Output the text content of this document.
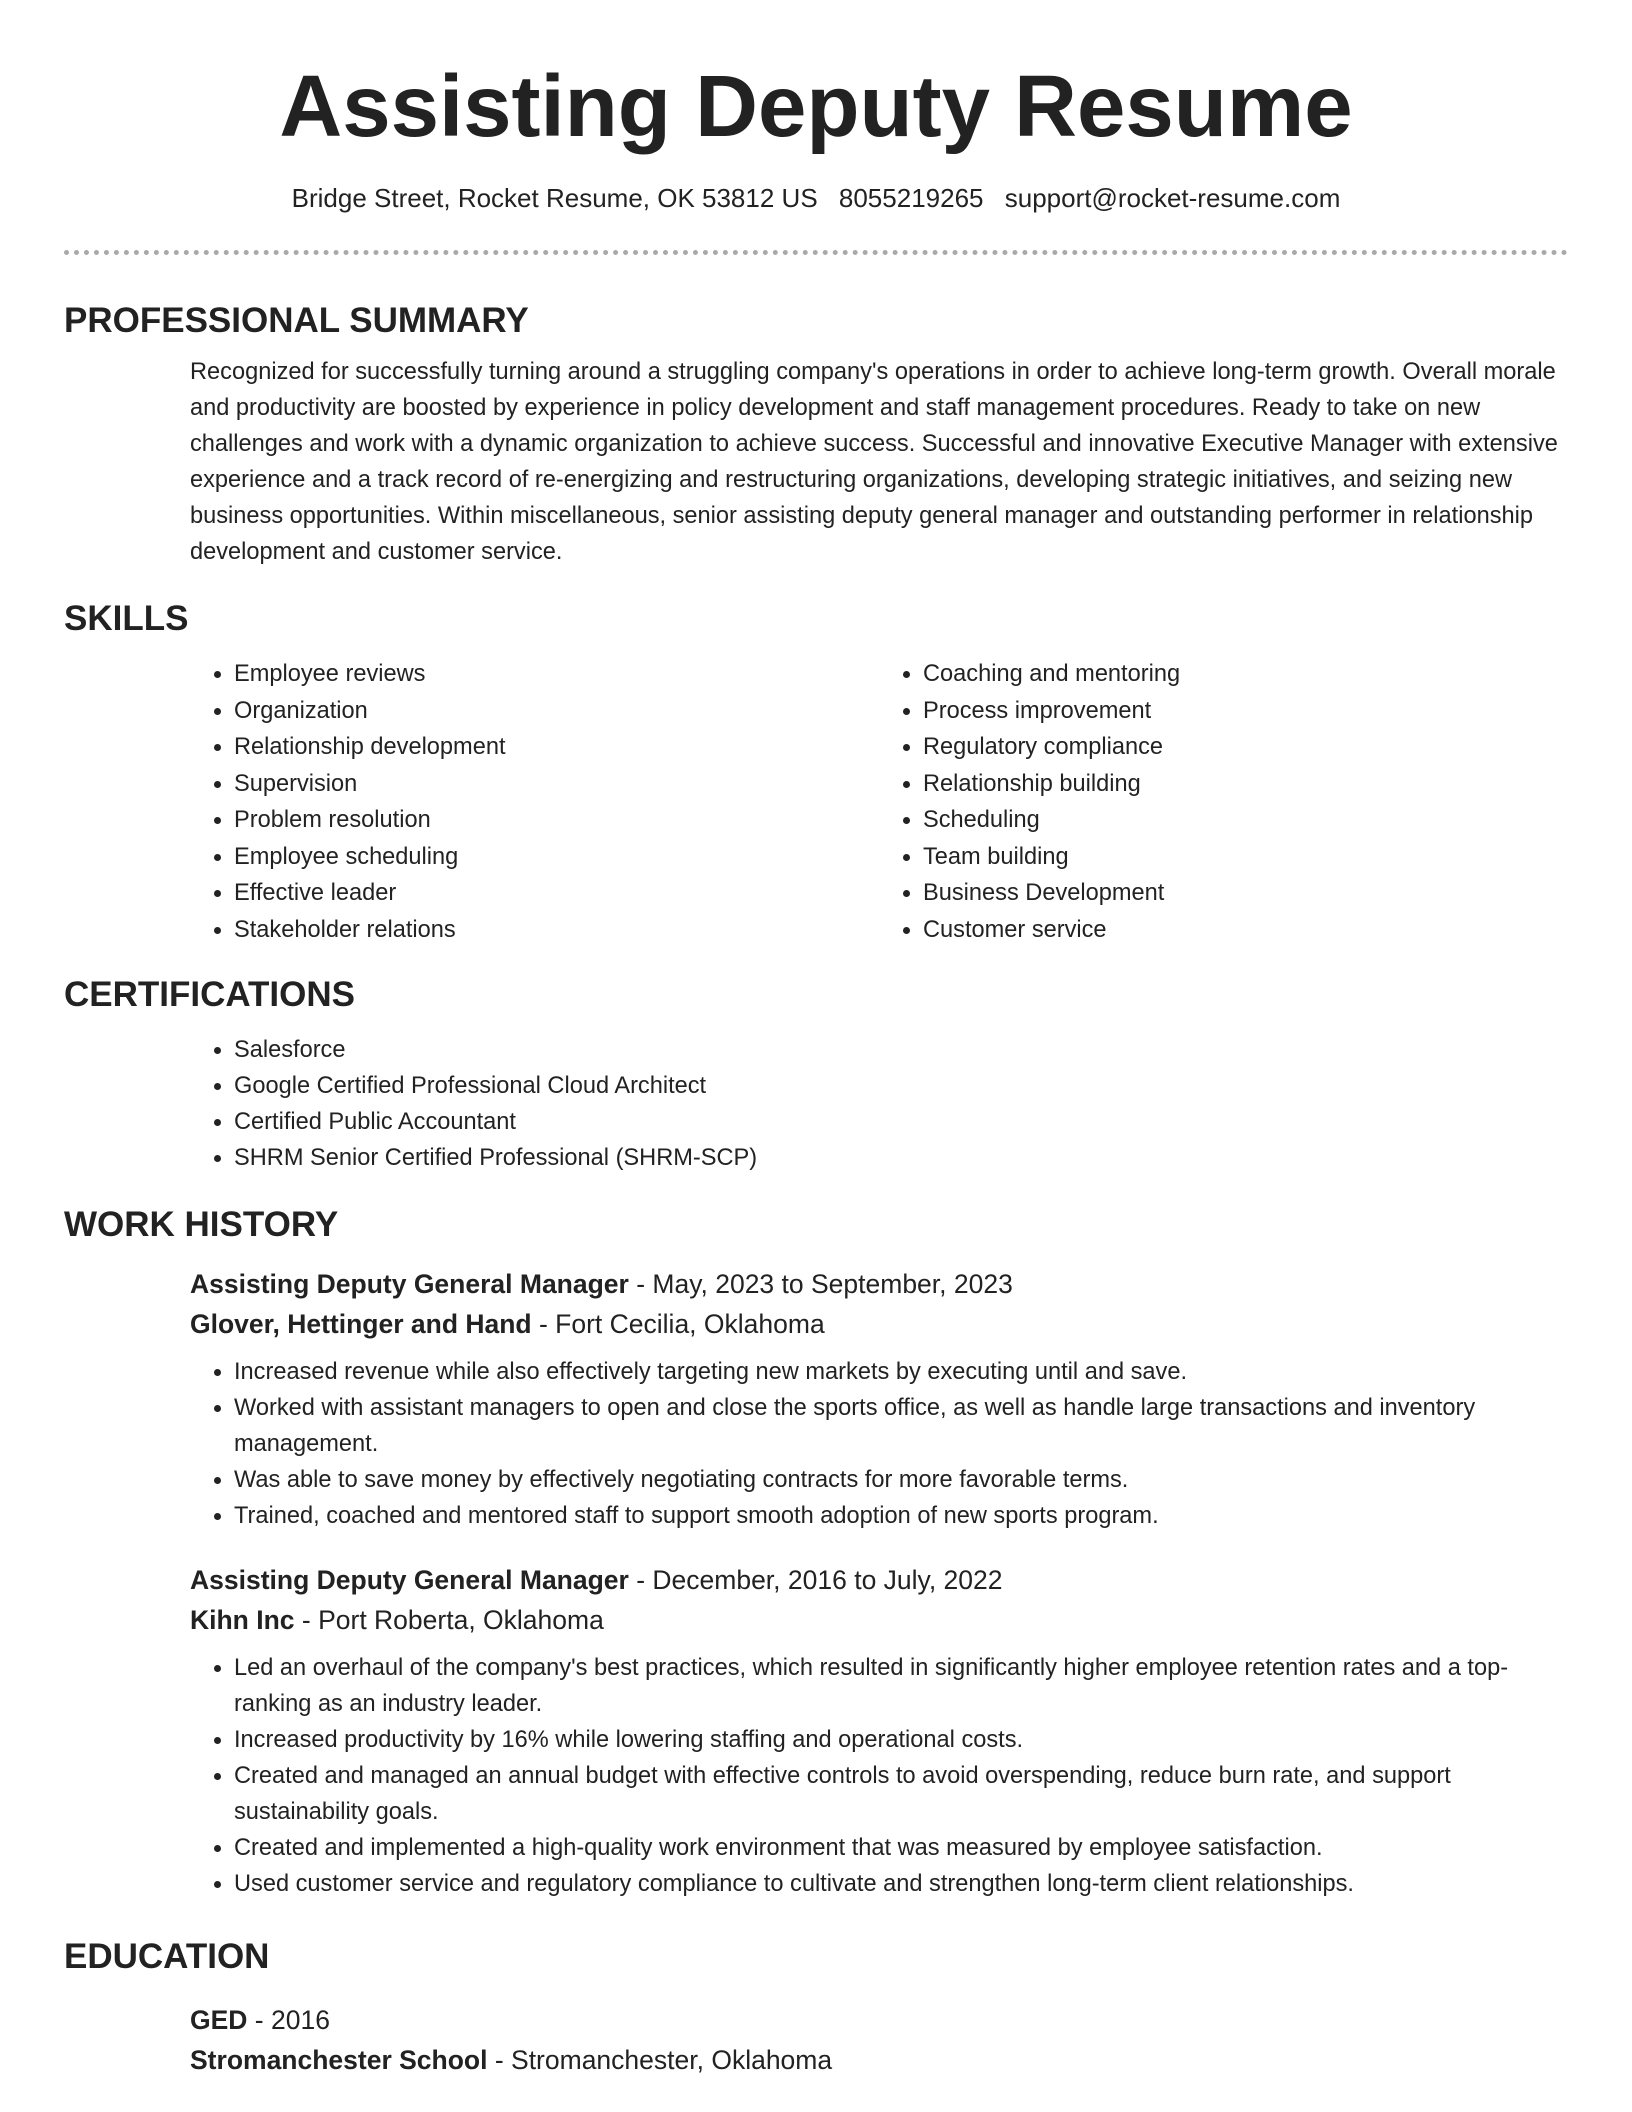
Assisting Deputy Resume
Bridge Street, Rocket Resume, OK 53812 US 8055219265 support@rocket-resume.com
PROFESSIONAL SUMMARY

Recognized for successfully turning around a struggling company's operations in order to achieve long-term growth. Overall morale and productivity are boosted by experience in policy development and staff management procedures. Ready to take on new challenges and work with a dynamic organization to achieve success. Successful and innovative Executive Manager with extensive experience and a track record of re-energizing and restructuring organizations, developing strategic initiatives, and seizing new business opportunities. Within miscellaneous, senior assisting deputy general manager and outstanding performer in relationship development and customer service.

SKILLS
• Employee reviews
• Organization
• Relationship development
• Supervision
• Problem resolution
• Employee scheduling
• Effective leader
• Stakeholder relations
• Coaching and mentoring
• Process improvement
• Regulatory compliance
• Relationship building
• Scheduling
• Team building
• Business Development
• Customer service
CERTIFICATIONS
• Salesforce
• Google Certified Professional Cloud Architect
• Certified Public Accountant
• SHRM Senior Certified Professional (SHRM-SCP)
WORK HISTORY
Assisting Deputy General Manager - May, 2023 to September, 2023
Glover, Hettinger and Hand - Fort Cecilia, Oklahoma
• Increased revenue while also effectively targeting new markets by executing until and save.
• Worked with assistant managers to open and close the sports office, as well as handle large transactions and inventory management.
• Was able to save money by effectively negotiating contracts for more favorable terms.
• Trained, coached and mentored staff to support smooth adoption of new sports program.
Assisting Deputy General Manager - December, 2016 to July, 2022
Kihn Inc - Port Roberta, Oklahoma
• Led an overhaul of the company's best practices, which resulted in significantly higher employee retention rates and a top-ranking as an industry leader.
• Increased productivity by 16% while lowering staffing and operational costs.
• Created and managed an annual budget with effective controls to avoid overspending, reduce burn rate, and support sustainability goals.
• Created and implemented a high-quality work environment that was measured by employee satisfaction.
• Used customer service and regulatory compliance to cultivate and strengthen long-term client relationships.
EDUCATION
GED - 2016
Stromanchester School - Stromanchester, Oklahoma
